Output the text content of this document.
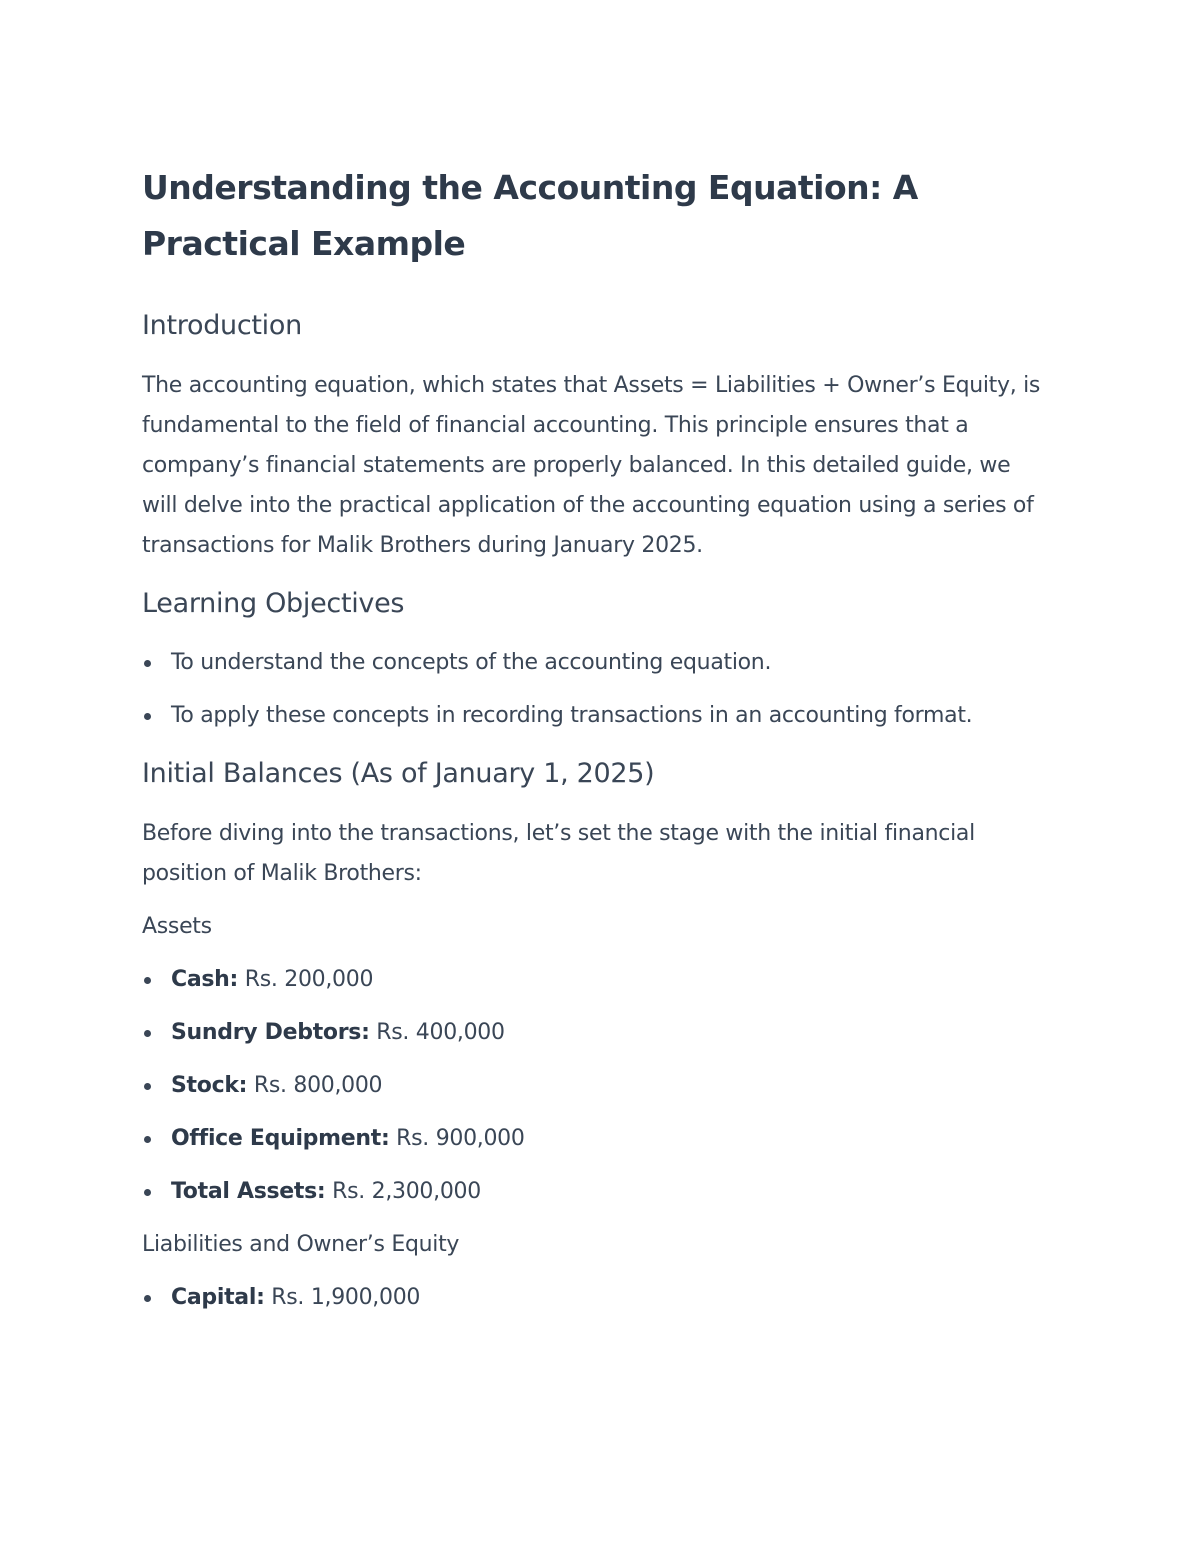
Understanding the Accounting Equation: A Practical Example
Introduction

The accounting equation, which states that Assets = Liabilities + Owner’s Equity, is fundamental to the field of financial accounting. This principle ensures that a company’s financial statements are properly balanced. In this detailed guide, we will delve into the practical application of the accounting equation using a series of transactions for Malik Brothers during January 2025.

Learning Objectives
To understand the concepts of the accounting equation.
To apply these concepts in recording transactions in an accounting format.
Initial Balances (As of January 1, 2025)

Before diving into the transactions, let’s set the stage with the initial financial position of Malik Brothers:

Assets

Cash: Rs. 200,000
Sundry Debtors: Rs. 400,000
Stock: Rs. 800,000
Office Equipment: Rs. 900,000
Total Assets: Rs. 2,300,000

Liabilities and Owner’s Equity

Capital: Rs. 1,900,000
